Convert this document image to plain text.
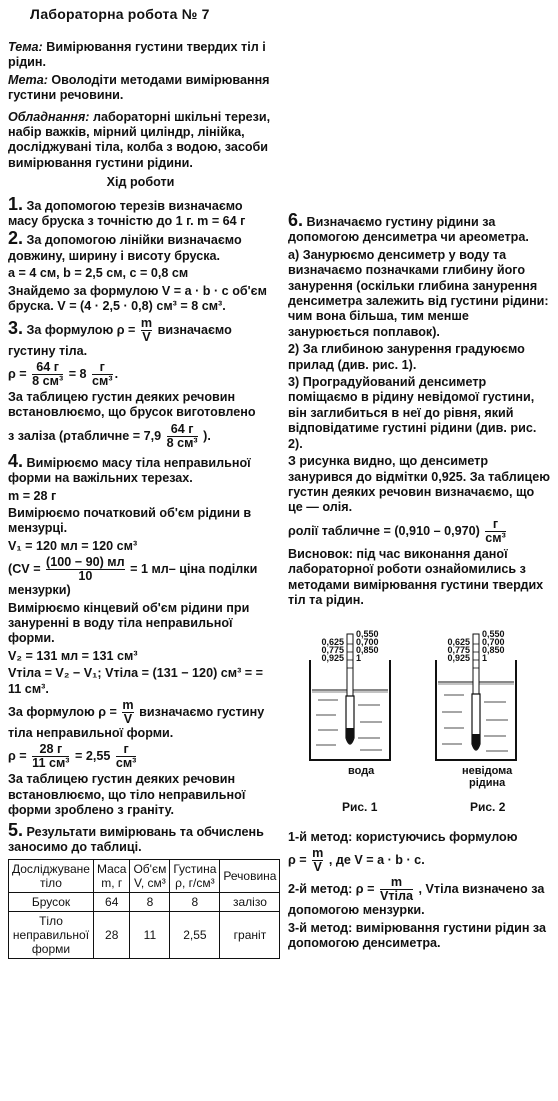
Лабораторна робота № 7

Тема: Вимірювання густини твердих тіл і рідин.

Мета: Оволодіти методами вимірювання густини речовини.

Обладнання: лабораторні шкільні терези, набір важків, мірний циліндр, лінійка, досліджувані тіла, колба з водою, засоби вимірювання густини рідини.

Хід роботи

1. За допомогою терезів визначаємо масу бруска з точністю до 1 г. m = 64 г

2. За допомогою лінійки визначаємо довжину, ширину і висоту бруска.

a = 4 см, b = 2,5 см, c = 0,8 см

Знайдемо за формулою V = a · b · c об'єм бруска. V = (4 · 2,5 · 0,8) см³ = 8 см³.

3. За формулою $\rho = \frac{m}{V}$ визначаємо густину тіла.

$\rho = \frac{64 г}{\text{8 см³}} = 8 \frac{г}{\text{см³}}$ .

За таблицею густин деяких речовин встановлюємо, що брусок виготовлено

з заліза (ρтабличне = $7,9 \frac{64 г}{\text{8 см³}}$ ).

4. Вимірюємо масу тіла неправильної форми на важільних терезах.

m = 28 г

Вимірюємо початковий об'єм рідини в мензурці.

V₁ = 120 мл = 120 см³

($CV = \frac{(100 - 90) мл}{10} = 1$ мл– ціна поділки мензурки)

Вимірюємо кінцевий об'єм рідини при зануренні в воду тіла неправильної форми.

V₂ = 131 мл = 131 см³

Vтіла = V₂ − V₁; Vтіла = (131 − 120) см³ = = 11 см³.

За формулою $\rho = \frac{m}{V}$ визначаємо густину тіла неправильної форми.

$\rho = \frac{28 г}{\text{11 см³}} = 2,55 \frac{г}{\text{см³}}$

За таблицею густин деяких речовин встановлюємо, що тіло неправильної форми зроблено з граніту.

5. Результати вимірювань та обчислень заносимо до таблиці.

Досліджуване тіло	Маса m, г	Об'єм V, см³	Густина ρ, г/см³	Речовина
Брусок	64	8	8	залізо
Тіло неправильної форми	28	11	2,55	граніт

6. Визначаємо густину рідини за допомогою денсиметра чи ареометра.

а) Занурюємо денсиметр у воду та визначаємо позначками глибину його занурення (оскільки глибина занурення денсиметра залежить від густини рідини: чим вона більша, тим менше занурюється поплавок).

2) За глибиною занурення градуюємо прилад (див. рис. 1).

3) Проградуйований денсиметр поміщаємо в рідину невідомої густини, він заглибиться в неї до рівня, який відповідатиме густині рідини (див. рис. 2).

З рисунка видно, що денсиметр занурився до відмітки 0,925. За таблицею густин деяких речовин визначаємо, що це — олія.

ρолії табличне = $(0,910 - 0,970) \frac{г}{\text{см³}}$

Висновок: під час виконання даної лабораторної роботи ознайомились з методами вимірювання густини твердих тіл та рідин.

0,625
0,775
0,925
0,550
0,700
0,850
1
0,625
0,775
0,925
0,550
0,700
0,850
1
вода	невідома
рідина
Рис. 1	Рис. 2

1-й метод: користуючись формулою

$\rho = \frac{m}{V}$ , де V = a · b · c.

2-й метод: $\rho = \frac{m}{\text{Vтіла}}$ , Vтіла визначено за допомогою мензурки.

3-й метод: вимірювання густини рідин за допомогою денсиметра.
